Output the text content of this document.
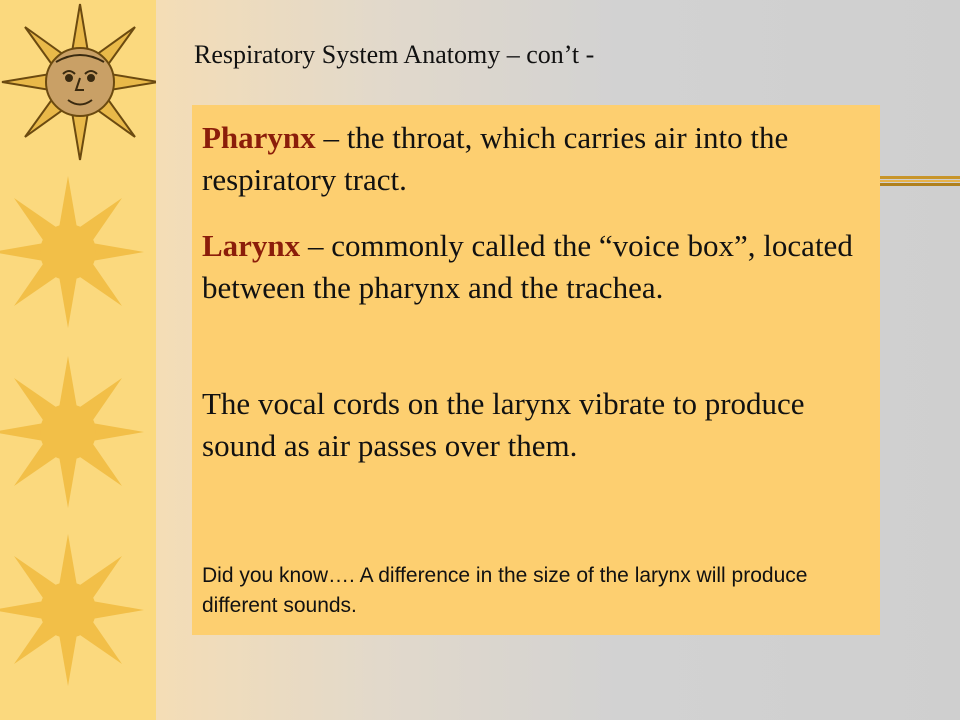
Respiratory System Anatomy – con’t -
Pharynx – the throat, which carries air into the respiratory tract.
Larynx – commonly called the “voice box”, located between the pharynx and the trachea.
The vocal cords on the larynx vibrate to produce sound as air passes over them.
Did you know…. A difference in the size of the larynx will produce different sounds.
